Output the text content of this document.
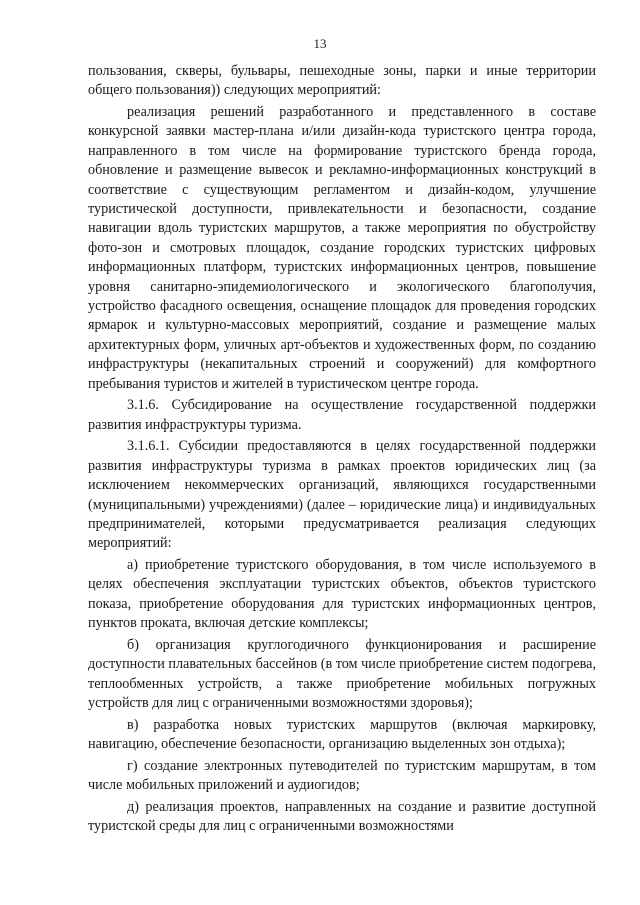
13

пользования, скверы, бульвары, пешеходные зоны, парки и иные территории общего пользования)) следующих мероприятий:

реализация решений разработанного и представленного в составе конкурсной заявки мастер-плана и/или дизайн-кода туристского центра города, направленного в том числе на формирование туристского бренда города, обновление и размещение вывесок и рекламно-информационных конструкций в соответствие с существующим регламентом и дизайн-кодом, улучшение туристической доступности, привлекательности и безопасности, создание навигации вдоль туристских маршрутов, а также мероприятия по обустройству фото-зон и смотровых площадок, создание городских туристских цифровых информационных платформ, туристских информационных центров, повышение уровня санитарно-эпидемиологического и экологического благополучия, устройство фасадного освещения, оснащение площадок для проведения городских ярмарок и культурно-массовых мероприятий, создание и размещение малых архитектурных форм, уличных арт-объектов и художественных форм, по созданию инфраструктуры (некапитальных строений и сооружений) для комфортного пребывания туристов и жителей в туристическом центре города.

3.1.6. Субсидирование на осуществление государственной поддержки развития инфраструктуры туризма.

3.1.6.1. Субсидии предоставляются в целях государственной поддержки развития инфраструктуры туризма в рамках проектов юридических лиц (за исключением некоммерческих организаций, являющихся государственными (муниципальными) учреждениями) (далее – юридические лица) и индивидуальных предпринимателей, которыми предусматривается реализация следующих мероприятий:

а) приобретение туристского оборудования, в том числе используемого в целях обеспечения эксплуатации туристских объектов, объектов туристского показа, приобретение оборудования для туристских информационных центров, пунктов проката, включая детские комплексы;

б) организация круглогодичного функционирования и расширение доступности плавательных бассейнов (в том числе приобретение систем подогрева, теплообменных устройств, а также приобретение мобильных погружных устройств для лиц с ограниченными возможностями здоровья);

в) разработка новых туристских маршрутов (включая маркировку, навигацию, обеспечение безопасности, организацию выделенных зон отдыха);

г) создание электронных путеводителей по туристским маршрутам, в том числе мобильных приложений и аудиогидов;

д) реализация проектов, направленных на создание и развитие доступной туристской среды для лиц с ограниченными возможностями
